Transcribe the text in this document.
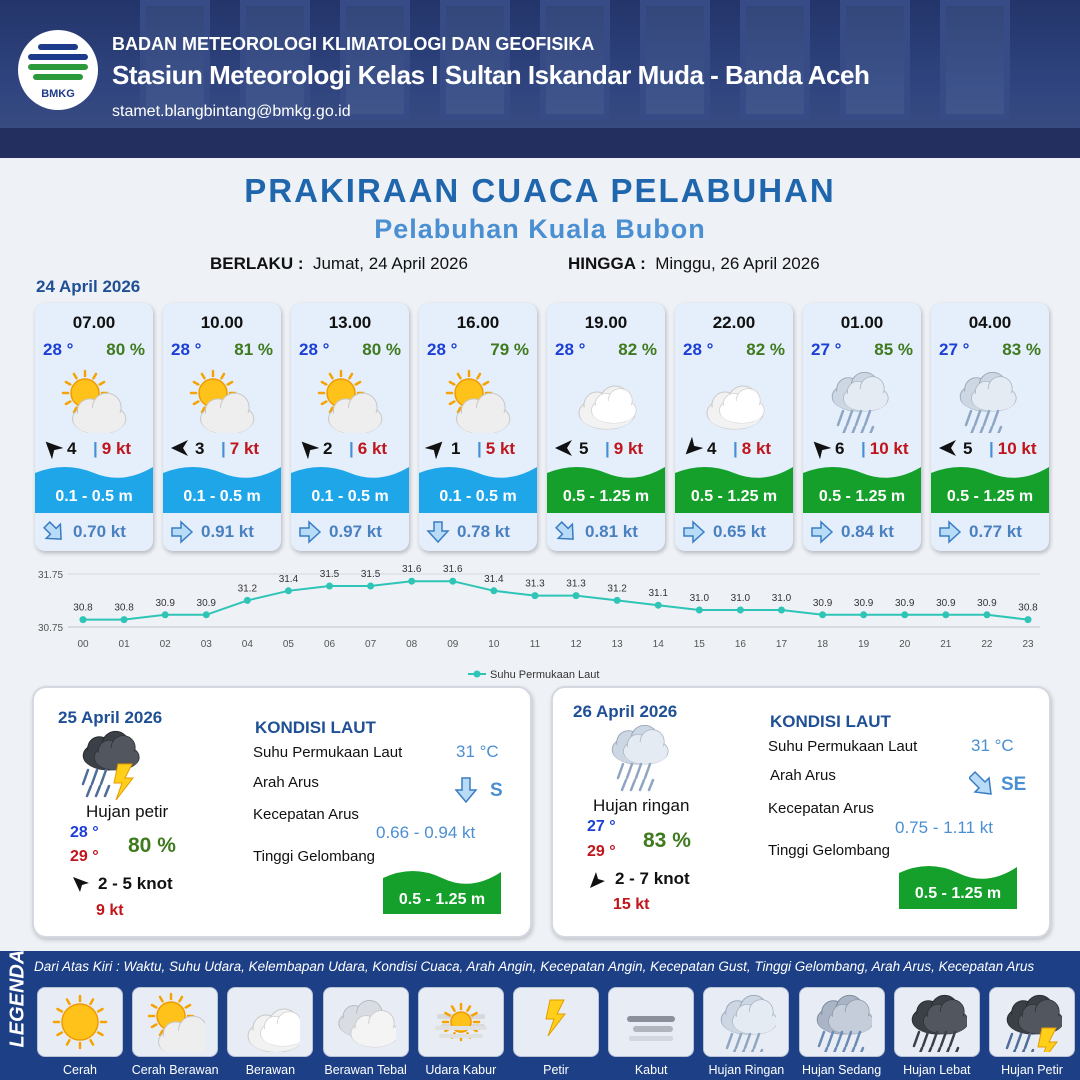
BMKG
BADAN METEOROLOGI KLIMATOLOGI DAN GEOFISIKA
Stasiun Meteorologi Kelas I Sultan Iskandar Muda - Banda Aceh
stamet.blangbintang@bmkg.go.id
PRAKIRAAN CUACA PELABUHAN
Pelabuhan Kuala Bubon
BERLAKU : Jumat, 24 April 2026	HINGGA : Minggu, 26 April 2026
24 April 2026
07.00
28 ° 80 %
4 | 9 kt
0.1 - 0.5 m
0.70 kt
10.00
28 ° 81 %
3 | 7 kt
0.1 - 0.5 m
0.91 kt
13.00
28 ° 80 %
2 | 6 kt
0.1 - 0.5 m
0.97 kt
16.00
28 ° 79 %
1 | 5 kt
0.1 - 0.5 m
0.78 kt
19.00
28 ° 82 %
5 | 9 kt
0.5 - 1.25 m
0.81 kt
22.00
28 ° 82 %
4 | 8 kt
0.5 - 1.25 m
0.65 kt
01.00
27 ° 85 %
6 | 10 kt
0.5 - 1.25 m
0.84 kt
04.00
27 ° 83 %
5 | 10 kt
0.5 - 1.25 m
0.77 kt
31.75
30.75
00	01	02	03	04	05	06	07	08	09	10	11	12	13	14	15	16	17	18	19	20	21	22	23
30.8 30.8 30.9 30.9
31.2
31.4 31.5 31.5 31.6 31.6
31.4 31.3 31.3 31.2 31.1 31.0 31.0 31.0 30.9 30.9 30.9 30.9 30.9 30.8
Suhu Permukaan Laut
25 April 2026
Hujan petir
28 °
29 ° 80 %
2 - 5 knot
9 kt
KONDISI LAUT
Suhu Permukaan Laut	31 °C
Arah Arus	S
Kecepatan Arus
0.66 - 0.94 kt
Tinggi Gelombang
0.5 - 1.25 m
26 April 2026
Hujan ringan
27 °
29 ° 83 %
2 - 7 knot
15 kt
KONDISI LAUT
Suhu Permukaan Laut	31 °C
Arah Arus	SE
Kecepatan Arus
0.75 - 1.11 kt
Tinggi Gelombang
0.5 - 1.25 m
LEGENDA Dari Atas Kiri : Waktu, Suhu Udara, Kelembapan Udara, Kondisi Cuaca, Arah Angin, Kecepatan Angin, Kecepatan Gust, Tinggi Gelombang, Arah Arus, Kecepatan Arus
Cerah	Cerah Berawan	Berawan	Berawan Tebal	Udara Kabur	Petir	Kabut	Hujan Ringan	Hujan Sedang	Hujan Lebat	Hujan Petir
